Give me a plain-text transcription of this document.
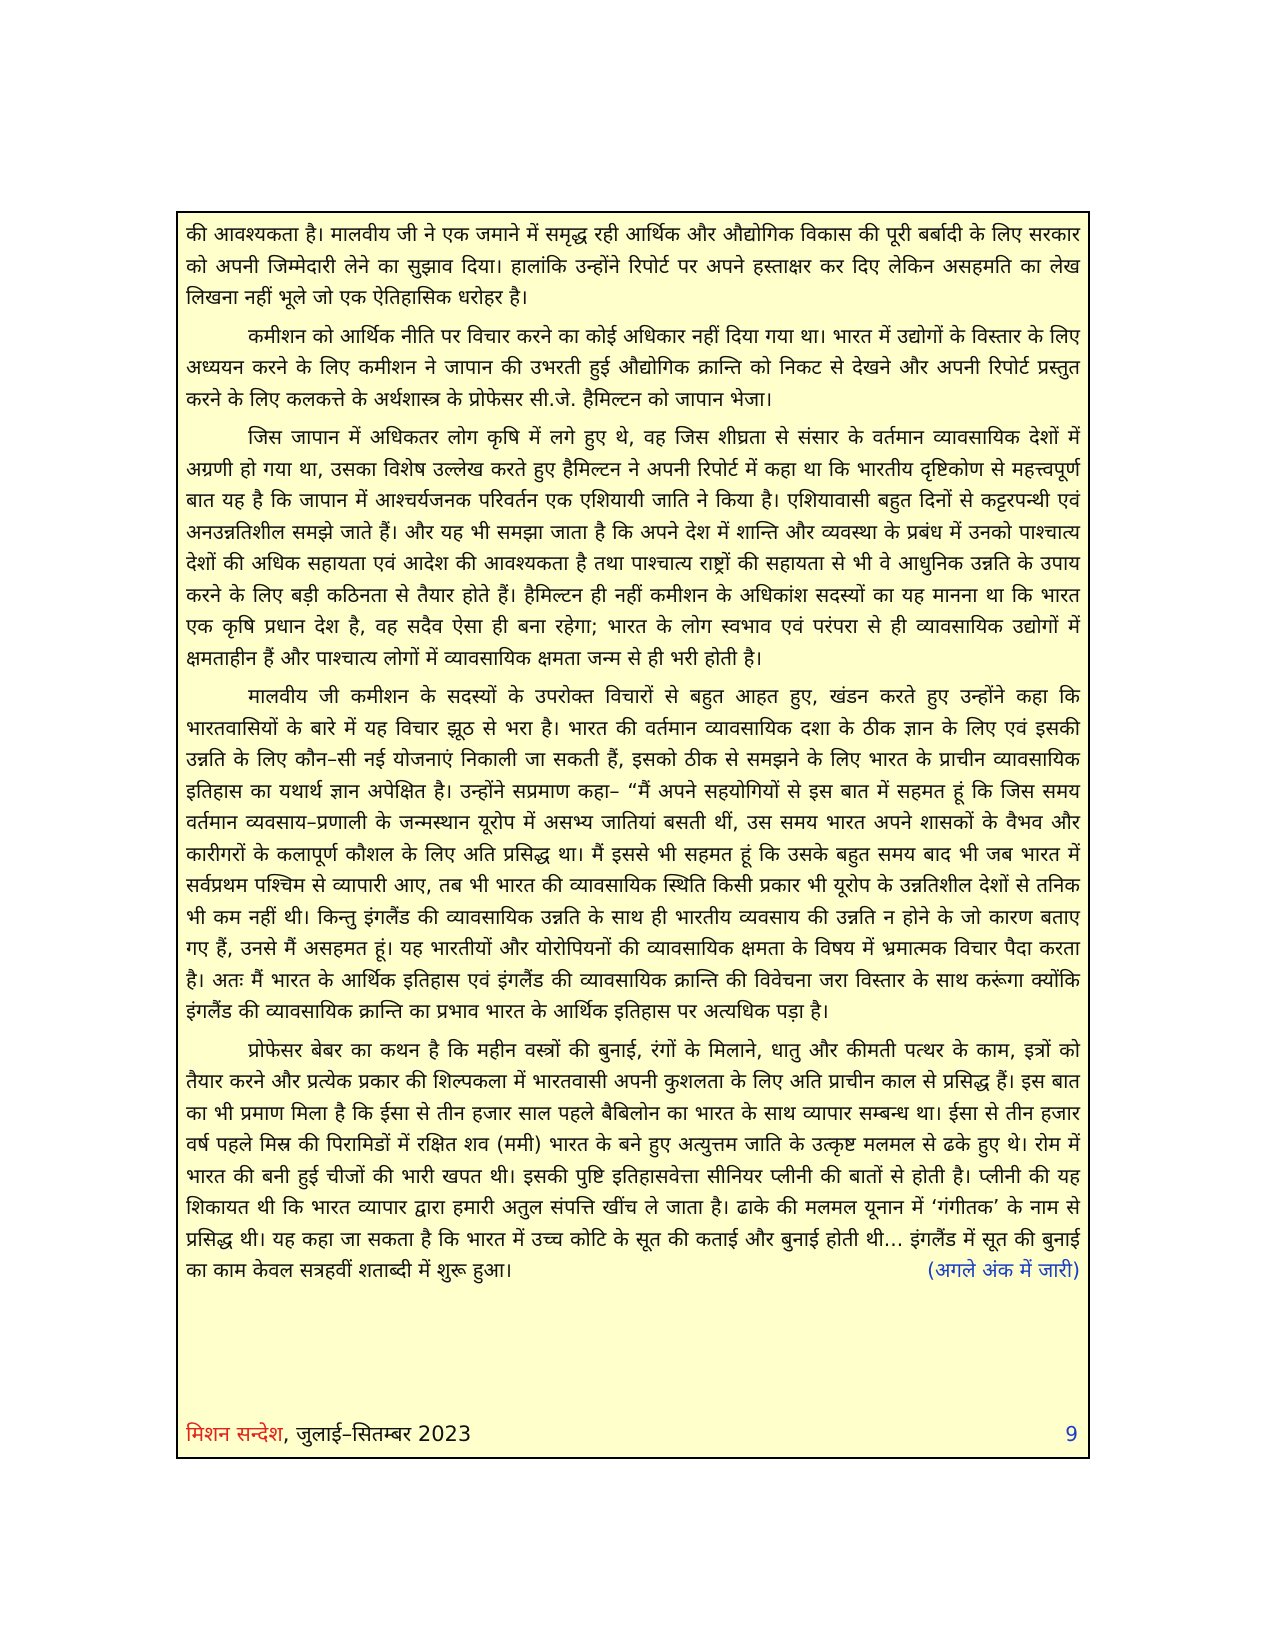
की आवश्यकता है। मालवीय जी ने एक जमाने में समृद्ध रही आर्थिक और औद्योगिक विकास की पूरी बर्बादी के लिए सरकार को अपनी जिम्मेदारी लेने का सुझाव दिया। हालांकि उन्होंने रिपोर्ट पर अपने हस्ताक्षर कर दिए लेकिन असहमति का लेख लिखना नहीं भूले जो एक ऐतिहासिक धरोहर है।

कमीशन को आर्थिक नीति पर विचार करने का कोई अधिकार नहीं दिया गया था। भारत में उद्योगों के विस्तार के लिए अध्ययन करने के लिए कमीशन ने जापान की उभरती हुई औद्योगिक क्रान्ति को निकट से देखने और अपनी रिपोर्ट प्रस्तुत करने के लिए कलकत्ते के अर्थशास्त्र के प्रोफेसर सी.जे. हैमिल्टन को जापान भेजा।

जिस जापान में अधिकतर लोग कृषि में लगे हुए थे, वह जिस शीघ्रता से संसार के वर्तमान व्यावसायिक देशों में अग्रणी हो गया था, उसका विशेष उल्लेख करते हुए हैमिल्टन ने अपनी रिपोर्ट में कहा था कि भारतीय दृष्टिकोण से महत्त्वपूर्ण बात यह है कि जापान में आश्चर्यजनक परिवर्तन एक एशियायी जाति ने किया है। एशियावासी बहुत दिनों से कट्टरपन्थी एवं अनउन्नतिशील समझे जाते हैं। और यह भी समझा जाता है कि अपने देश में शान्ति और व्यवस्था के प्रबंध में उनको पाश्चात्य देशों की अधिक सहायता एवं आदेश की आवश्यकता है तथा पाश्चात्य राष्ट्रों की सहायता से भी वे आधुनिक उन्नति के उपाय करने के लिए बड़ी कठिनता से तैयार होते हैं। हैमिल्टन ही नहीं कमीशन के अधिकांश सदस्यों का यह मानना था कि भारत एक कृषि प्रधान देश है, वह सदैव ऐसा ही बना रहेगा; भारत के लोग स्वभाव एवं परंपरा से ही व्यावसायिक उद्योगों में क्षमताहीन हैं और पाश्चात्य लोगों में व्यावसायिक क्षमता जन्म से ही भरी होती है।

मालवीय जी कमीशन के सदस्यों के उपरोक्त विचारों से बहुत आहत हुए, खंडन करते हुए उन्होंने कहा कि भारतवासियों के बारे में यह विचार झूठ से भरा है। भारत की वर्तमान व्यावसायिक दशा के ठीक ज्ञान के लिए एवं इसकी उन्नति के लिए कौन–सी नई योजनाएं निकाली जा सकती हैं, इसको ठीक से समझने के लिए भारत के प्राचीन व्यावसायिक इतिहास का यथार्थ ज्ञान अपेक्षित है। उन्होंने सप्रमाण कहा– “मैं अपने सहयोगियों से इस बात में सहमत हूं कि जिस समय वर्तमान व्यवसाय–प्रणाली के जन्मस्थान यूरोप में असभ्य जातियां बसती थीं, उस समय भारत अपने शासकों के वैभव और कारीगरों के कलापूर्ण कौशल के लिए अति प्रसिद्ध था। मैं इससे भी सहमत हूं कि उसके बहुत समय बाद भी जब भारत में सर्वप्रथम पश्चिम से व्यापारी आए, तब भी भारत की व्यावसायिक स्थिति किसी प्रकार भी यूरोप के उन्नतिशील देशों से तनिक भी कम नहीं थी। किन्तु इंगलैंड की व्यावसायिक उन्नति के साथ ही भारतीय व्यवसाय की उन्नति न होने के जो कारण बताए गए हैं, उनसे मैं असहमत हूं। यह भारतीयों और योरोपियनों की व्यावसायिक क्षमता के विषय में भ्रमात्मक विचार पैदा करता है। अतः मैं भारत के आर्थिक इतिहास एवं इंगलैंड की व्यावसायिक क्रान्ति की विवेचना जरा विस्तार के साथ करूंगा क्योंकि इंगलैंड की व्यावसायिक क्रान्ति का प्रभाव भारत के आर्थिक इतिहास पर अत्यधिक पड़ा है।

प्रोफेसर बेबर का कथन है कि महीन वस्त्रों की बुनाई, रंगों के मिलाने, धातु और कीमती पत्थर के काम, इत्रों को तैयार करने और प्रत्येक प्रकार की शिल्पकला में भारतवासी अपनी कुशलता के लिए अति प्राचीन काल से प्रसिद्ध हैं। इस बात का भी प्रमाण मिला है कि ईसा से तीन हजार साल पहले बैबिलोन का भारत के साथ व्यापार सम्बन्ध था। ईसा से तीन हजार वर्ष पहले मिस्र की पिरामिडों में रक्षित शव (ममी) भारत के बने हुए अत्युत्तम जाति के उत्कृष्ट मलमल से ढके हुए थे। रोम में भारत की बनी हुई चीजों की भारी खपत थी। इसकी पुष्टि इतिहासवेत्ता सीनियर प्लीनी की बातों से होती है। प्लीनी की यह शिकायत थी कि भारत व्यापार द्वारा हमारी अतुल संपत्ति खींच ले जाता है। ढाके की मलमल यूनान में ‘गंगीतक’ के नाम से प्रसिद्ध थी। यह कहा जा सकता है कि भारत में उच्च कोटि के सूत की कताई और बुनाई होती थी... इंगलैंड में सूत की बुनाई का काम केवल सत्रहवीं शताब्दी में शुरू हुआ।	(अगले अंक में जारी)

मिशन सन्देश, जुलाई–सितम्बर 2023	9
